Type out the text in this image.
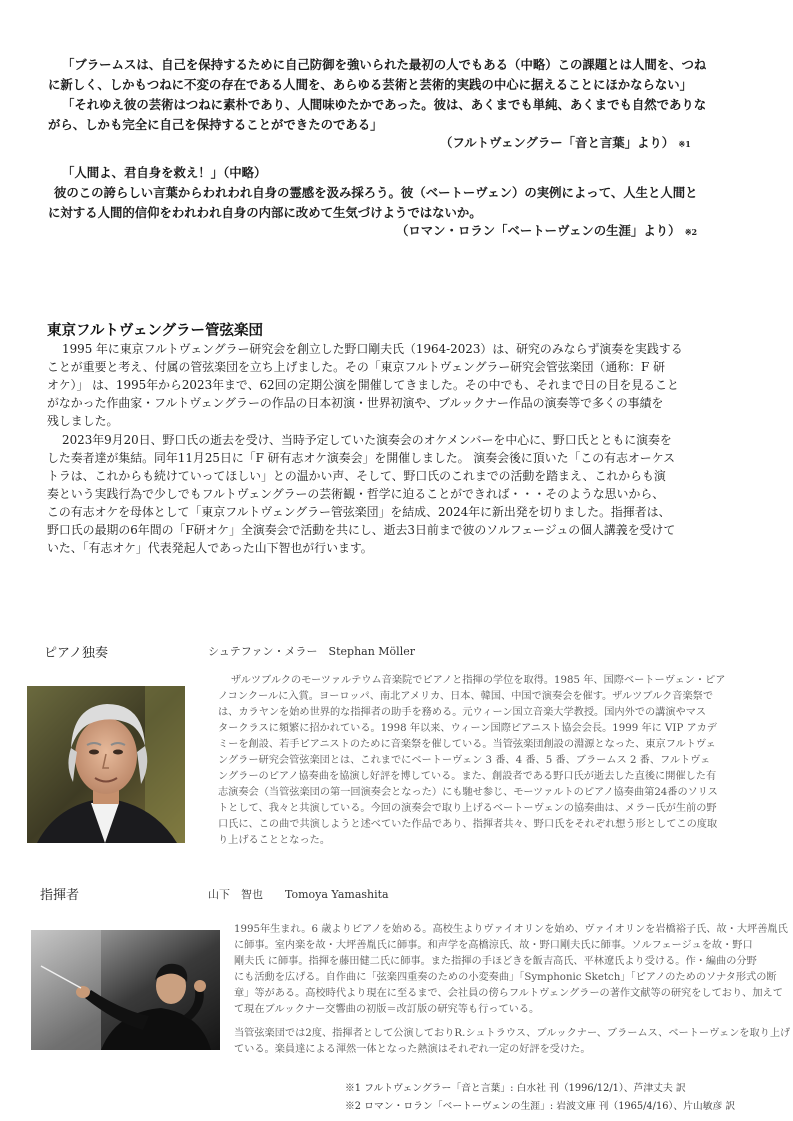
「ブラームスは、自己を保持するために自己防御を強いられた最初の人でもある（中略）この課題とは人間を、つね
に新しく、しかもつねに不変の存在である人間を、あらゆる芸術と芸術的実践の中心に据えることにほかならない」
「それゆえ彼の芸術はつねに素朴であり、人間味ゆたかであった。彼は、あくまでも単純、あくまでも自然でありな
がら、しかも完全に自己を保持することができたのである」
（フルトヴェングラー「音と言葉」より） ※1
「人間よ、君自身を救え！」（中略）
彼のこの誇らしい言葉からわれわれ自身の霊感を汲み採ろう。彼（ベートーヴェン）の実例によって、人生と人間と
に対する人間的信仰をわれわれ自身の内部に改めて生気づけようではないか。
（ロマン・ロラン「ベートーヴェンの生涯」より） ※2
東京フルトヴェングラー管弦楽団
1995 年に東京フルトヴェングラー研究会を創立した野口剛夫氏（1964-2023）は、研究のみならず演奏を実践する
ことが重要と考え、付属の管弦楽団を立ち上げました。その「東京フルトヴェングラー研究会管弦楽団（通称：F 研
オケ）」 は、1995年から2023年まで、62回の定期公演を開催してきました。その中でも、それまで日の目を見ること
がなかった作曲家・フルトヴェングラーの作品の日本初演・世界初演や、ブルックナー作品の演奏等で多くの事績を
残しました。
2023年9月20日、野口氏の逝去を受け、当時予定していた演奏会のオケメンバーを中心に、野口氏とともに演奏を
した奏者達が集結。同年11月25日に「F 研有志オケ演奏会」を開催しました。 演奏会後に頂いた「この有志オーケス
トラは、これからも続けていってほしい」との温かい声、そして、野口氏のこれまでの活動を踏まえ、これからも演
奏という実践行為で少しでもフルトヴェングラーの芸術観・哲学に迫ることができれば・・・そのような思いから、
この有志オケを母体として「東京フルトヴェングラー管弦楽団」を結成、2024年に新出発を切りました。指揮者は、
野口氏の最期の6年間の「F研オケ」全演奏会で活動を共にし、逝去3日前まで彼のソルフェージュの個人講義を受けて
いた、「有志オケ」代表発起人であった山下智也が行います。
ピアノ独奏	シュテファン・メラー　Stephan Möller
ザルツブルクのモーツァルテウム音楽院でピアノと指揮の学位を取得。1985 年、国際ベートーヴェン・ピア
ノコンクールに入賞。ヨーロッパ、南北アメリカ、日本、韓国、中国で演奏会を催す。ザルツブルク音楽祭で
は、カラヤンを始め世界的な指揮者の助手を務める。元ウィーン国立音楽大学教授。国内外での講演やマス
タークラスに頻繁に招かれている。1998 年以来、ウィーン国際ピアニスト協会会長。1999 年に VIP アカデ
ミーを創設、若手ピアニストのために音楽祭を催している。当管弦楽団創設の淵源となった、東京フルトヴェ
ングラー研究会管弦楽団とは、これまでにベートーヴェン 3 番、4 番、5 番、ブラームス 2 番、フルトヴェ
ングラーのピアノ協奏曲を協演し好評を博している。また、創設者である野口氏が逝去した直後に開催した有
志演奏会（当管弦楽団の第一回演奏会となった）にも馳せ参じ、モーツァルトのピアノ協奏曲第24番のソリス
トとして、我々と共演している。今回の演奏会で取り上げるベートーヴェンの協奏曲は、メラー氏が生前の野
口氏に、この曲で共演しようと述べていた作品であり、指揮者共々、野口氏をそれぞれ想う形としてこの度取
り上げることとなった。
指揮者	山下　智也　　Tomoya Yamashita
1995年生まれ。6 歳よりピアノを始める。高校生よりヴァイオリンを始め、ヴァイオリンを岩橋裕子氏、故・大坪善胤氏
に師事。室内楽を故・大坪善胤氏に師事。和声学を高橋涼氏、故・野口剛夫氏に師事。ソルフェージュを故・野口
剛夫氏 に師事。指揮を藤田健二氏に師事。また指揮の手ほどきを飯吉高氏、平林遼氏より受ける。作・編曲の分野
にも活動を広げる。自作曲に「弦楽四重奏のための小変奏曲」「Symphonic Sketch」「ピアノのためのソナタ形式の断
章」等がある。高校時代より現在に至るまで、会社員の傍らフルトヴェングラーの著作文献等の研究をしており、加えて
て現在ブルックナー交響曲の初版＝改訂版の研究等も行っている。
当管弦楽団では2度、指揮者として公演しておりR.シュトラウス、ブルックナー、ブラームス、ベートーヴェンを取り上げ
ている。楽員達による渾然一体となった熱演はそれぞれ一定の好評を受けた。
※1 フルトヴェングラー「音と言葉」: 白水社 刊（1996/12/1）、芦津丈夫 訳
※2 ロマン・ロラン「ベートーヴェンの生涯」: 岩波文庫 刊（1965/4/16）、片山敏彦 訳
